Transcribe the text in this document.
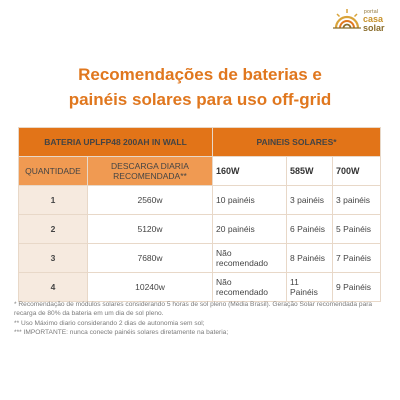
portal
casa
solar
Recomendações de baterias e
painéis solares para uso off-grid
BATERIA UPLFP48 200AH IN WALL		PAINEIS SOLARES*		
QUANTIDADE	DESCARGA DIARIA RECOMENDADA**	160W	585W	700W
1	2560w	10 painéis	3 painéis	3 painéis
2	5120w	20 painéis	6 Painéis	5 Painéis
3	7680w	Não recomendado	8 Painéis	7 Painéis
4	10240w	Não recomendado	11 Painéis	9 Painéis

* Recomendação de módulos solares considerando 5 horas de sol pleno (Média Brasil). Geração Solar recomendada para recarga de 80% da bateria em um dia de sol pleno.

** Uso Máximo diario considerando 2 dias de autonomia sem sol;

*** IMPORTANTE: nunca conecte painéis solares diretamente na bateria;
